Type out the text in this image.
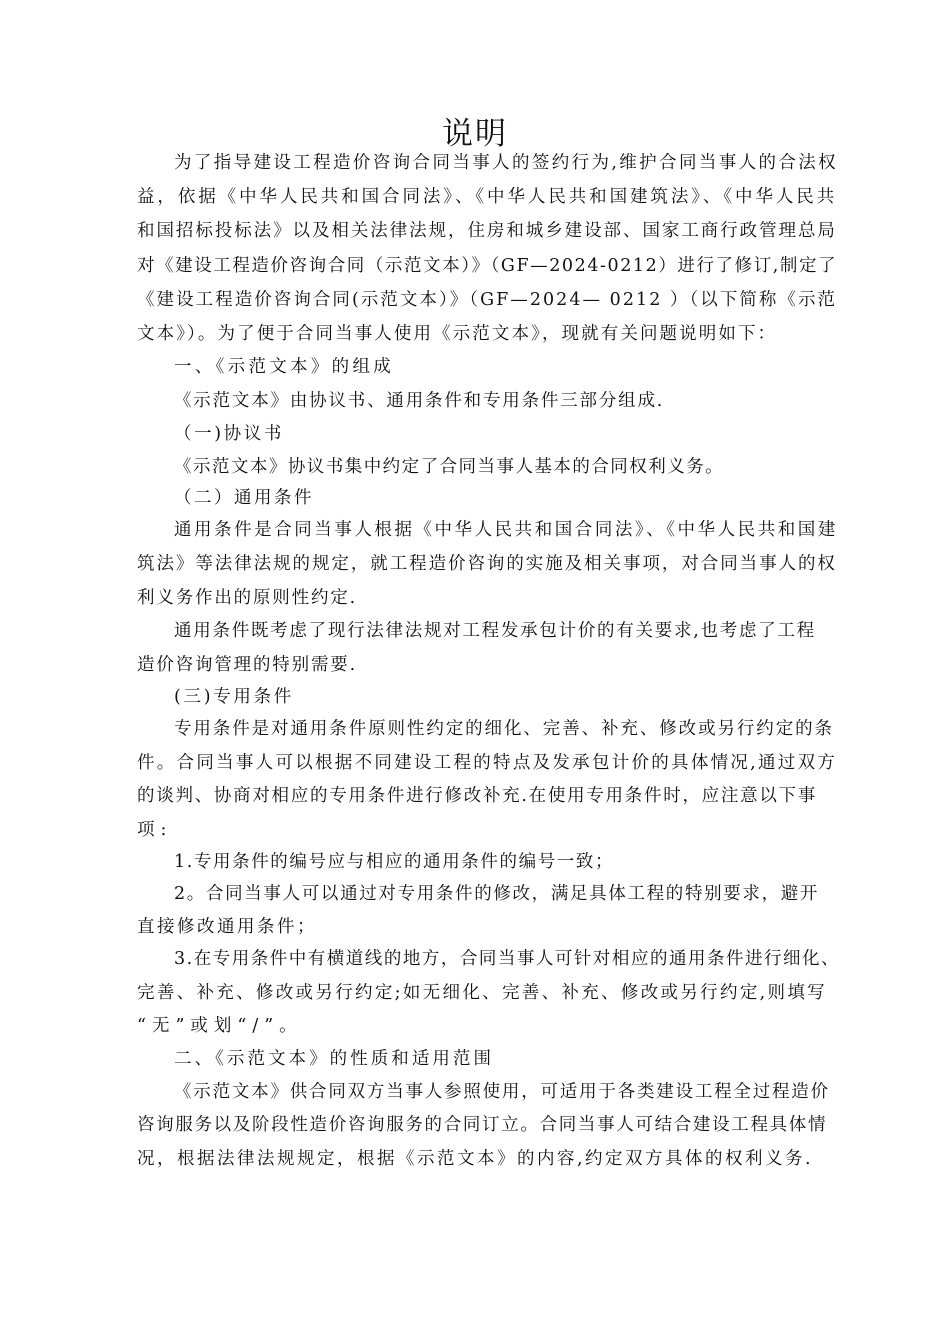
说明

为了指导建设工程造价咨询合同当事人的签约行为,维护合同当事人的合法权

益，依据《中华人民共和国合同法》、《中华人民共和国建筑法》、《中华人民共

和国招标投标法》以及相关法律法规，住房和城乡建设部、国家工商行政管理总局

对《建设工程造价咨询合同（示范文本）》（GF—2024-0212）进行了修订,制定了

《建设工程造价咨询合同(示范文本）》（GF—2024— 0212 ）（以下简称《示范

文本》）。为了便于合同当事人使用《示范文本》，现就有关问题说明如下：

一、《示范文本》的组成

《示范文本》由协议书、通用条件和专用条件三部分组成.

（一)协议书

《示范文本》协议书集中约定了合同当事人基本的合同权利义务。

（二）通用条件

通用条件是合同当事人根据《中华人民共和国合同法》、《中华人民共和国建

筑法》等法律法规的规定，就工程造价咨询的实施及相关事项，对合同当事人的权

利义务作出的原则性约定.

通用条件既考虑了现行法律法规对工程发承包计价的有关要求,也考虑了工程

造价咨询管理的特别需要.

(三)专用条件

专用条件是对通用条件原则性约定的细化、完善、补充、修改或另行约定的条

件。合同当事人可以根据不同建设工程的特点及发承包计价的具体情况,通过双方

的谈判、协商对相应的专用条件进行修改补充.在使用专用条件时，应注意以下事

项:

1.专用条件的编号应与相应的通用条件的编号一致；

2。合同当事人可以通过对专用条件的修改，满足具体工程的特别要求，避开

直接修改通用条件；

3.在专用条件中有横道线的地方，合同当事人可针对相应的通用条件进行细化、

完善、补充、修改或另行约定;如无细化、完善、补充、修改或另行约定,则填写

“无”或划“/”。

二、《示范文本》的性质和适用范围

《示范文本》供合同双方当事人参照使用，可适用于各类建设工程全过程造价

咨询服务以及阶段性造价咨询服务的合同订立。合同当事人可结合建设工程具体情

况，根据法律法规规定，根据《示范文本》的内容,约定双方具体的权利义务.
